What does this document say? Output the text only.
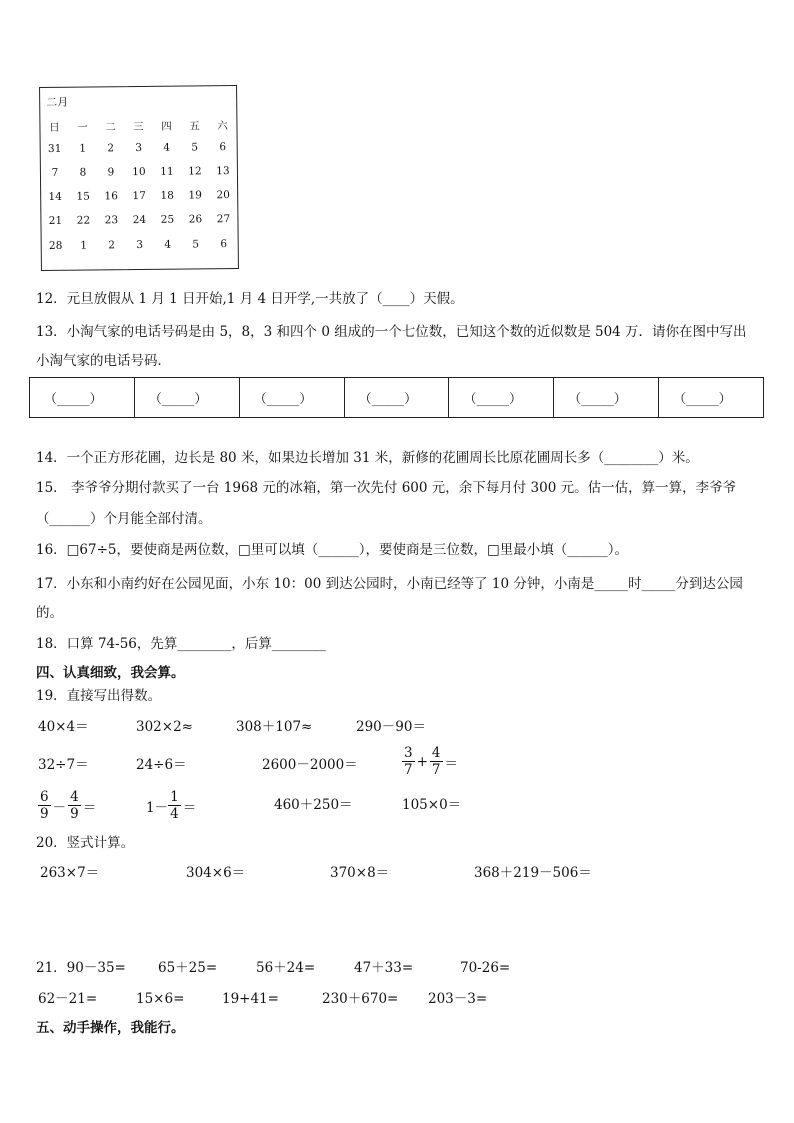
二月
日	一	二	三	四	五	六
31	1	2	3	4	5	6
7	8	9	10	11	12	13
14	15	16	17	18	19	20
21	22	23	24	25	26	27
28	1	2	3	4	5	6
12．元旦放假从 1 月 1 日开始,1 月 4 日开学,一共放了（____）天假。
13．小淘气家的电话号码是由 5，8，3 和四个 0 组成的一个七位数，已知这个数的近似数是 504 万．请你在图中写出
小淘气家的电话号码．
（_____）	（_____）	（_____）	（_____）	（_____）	（_____）	（_____）
14．一个正方形花圃，边长是 80 米，如果边长增加 31 米，新修的花圃周长比原花圃周长多（________）米。
15． 李爷爷分期付款买了一台 1968 元的冰箱，第一次先付 600 元，余下每月付 300 元。估一估，算一算，李爷爷
（______）个月能全部付清。
16．□67÷5，要使商是两位数，□里可以填（______），要使商是三位数，□里最小填（______）。
17．小东和小南约好在公园见面，小东 10：00 到达公园时，小南已经等了 10 分钟，小南是_____时_____分到达公园
的。
18．口算 74-56，先算________，后算________
四、认真细致，我会算。
19．直接写出得数。
40×4＝	302×2≈	308＋107≈	290－90＝
32÷7＝	24÷6＝	2600－2000＝	$\frac{3}{7} + \frac{4}{7}$ ＝
$\frac{6}{9} - \frac{4}{9}$ ＝	$1- \frac{1}{4}$ ＝	460＋250＝	105×0＝
20．竖式计算。
263×7＝	304×6＝	370×8＝	368＋219－506＝
21．90－35= 65＋25=	56＋24=	47＋33=	70-26=
62－21=	15×6=	19+41=	230＋670= 203－3=
五、动手操作，我能行。
